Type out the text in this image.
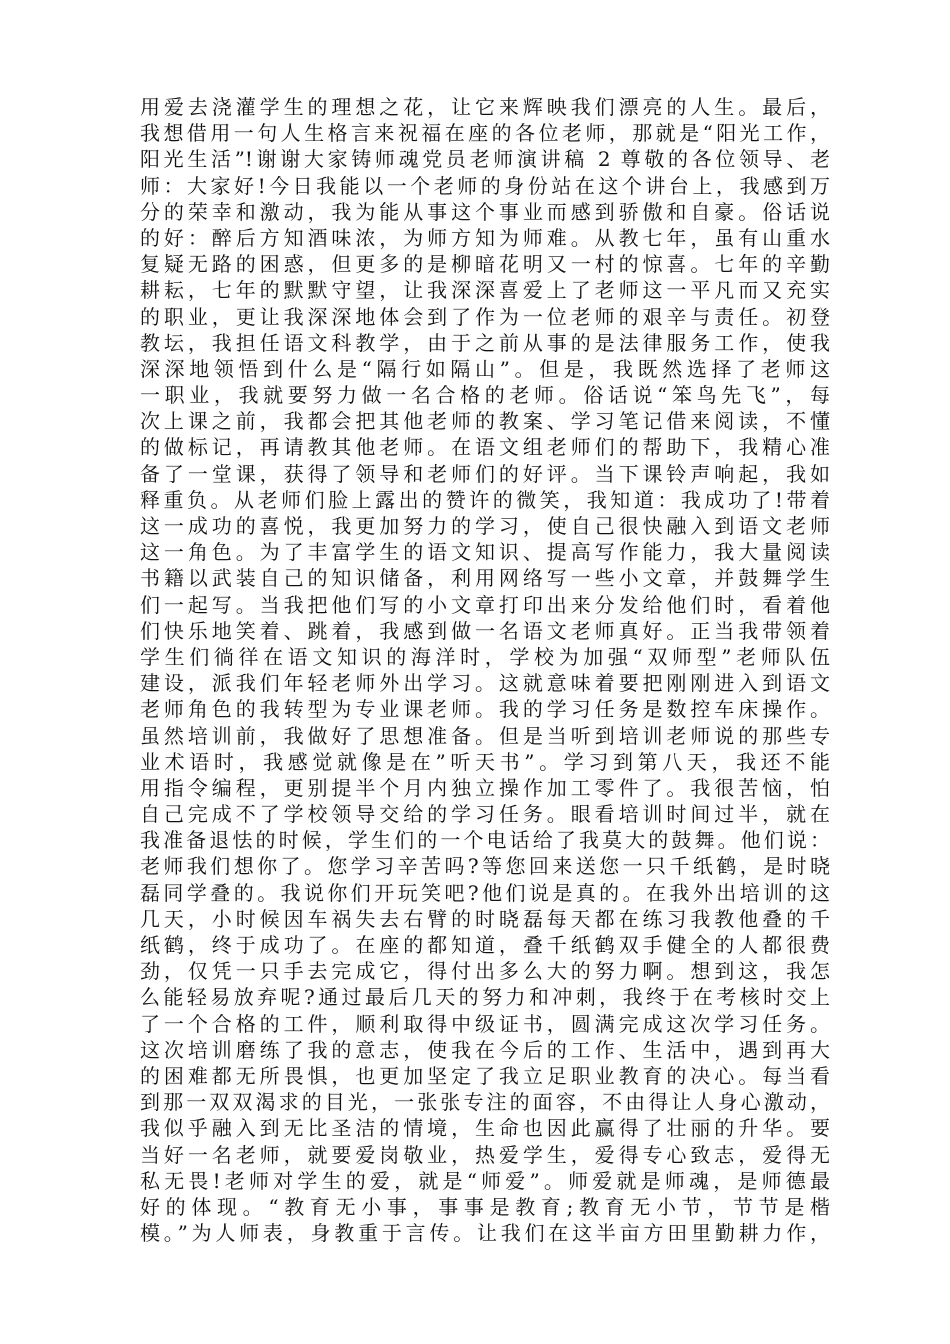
用爱去浇灌学生的理想之花，让它来辉映我们漂亮的人生。最后，
我想借用一句人生格言来祝福在座的各位老师，那就是“阳光工作，
阳光生活”!谢谢大家铸师魂党员老师演讲稿 2 尊敬的各位领导、老
师：大家好!今日我能以一个老师的身份站在这个讲台上，我感到万
分的荣幸和激动，我为能从事这个事业而感到骄傲和自豪。俗话说
的好：醉后方知酒味浓，为师方知为师难。从教七年，虽有山重水
复疑无路的困惑，但更多的是柳暗花明又一村的惊喜。七年的辛勤
耕耘，七年的默默守望，让我深深喜爱上了老师这一平凡而又充实
的职业，更让我深深地体会到了作为一位老师的艰辛与责任。初登
教坛，我担任语文科教学，由于之前从事的是法律服务工作，使我
深深地领悟到什么是“隔行如隔山”。但是，我既然选择了老师这
一职业，我就要努力做一名合格的老师。俗话说“笨鸟先飞”，每
次上课之前，我都会把其他老师的教案、学习笔记借来阅读，不懂
的做标记，再请教其他老师。在语文组老师们的帮助下，我精心准
备了一堂课，获得了领导和老师们的好评。当下课铃声响起，我如
释重负。从老师们脸上露出的赞许的微笑，我知道：我成功了!带着
这一成功的喜悦，我更加努力的学习，使自己很快融入到语文老师
这一角色。为了丰富学生的语文知识、提高写作能力，我大量阅读
书籍以武装自己的知识储备，利用网络写一些小文章，并鼓舞学生
们一起写。当我把他们写的小文章打印出来分发给他们时，看着他
们快乐地笑着、跳着，我感到做一名语文老师真好。正当我带领着
学生们徜徉在语文知识的海洋时，学校为加强“双师型”老师队伍
建设，派我们年轻老师外出学习。这就意味着要把刚刚进入到语文
老师角色的我转型为专业课老师。我的学习任务是数控车床操作。
虽然培训前，我做好了思想准备。但是当听到培训老师说的那些专
业术语时，我感觉就像是在”听天书”。学习到第八天，我还不能
用指令编程，更别提半个月内独立操作加工零件了。我很苦恼，怕
自己完成不了学校领导交给的学习任务。眼看培训时间过半，就在
我准备退怯的时候，学生们的一个电话给了我莫大的鼓舞。他们说：
老师我们想你了。您学习辛苦吗?等您回来送您一只千纸鹤，是时晓
磊同学叠的。我说你们开玩笑吧?他们说是真的。在我外出培训的这
几天，小时候因车祸失去右臂的时晓磊每天都在练习我教他叠的千
纸鹤，终于成功了。在座的都知道，叠千纸鹤双手健全的人都很费
劲，仅凭一只手去完成它，得付出多么大的努力啊。想到这，我怎
么能轻易放弃呢?通过最后几天的努力和冲刺，我终于在考核时交上
了一个合格的工件，顺利取得中级证书，圆满完成这次学习任务。
这次培训磨练了我的意志，使我在今后的工作、生活中，遇到再大
的困难都无所畏惧，也更加坚定了我立足职业教育的决心。每当看
到那一双双渴求的目光，一张张专注的面容，不由得让人身心激动，
我似乎融入到无比圣洁的情境，生命也因此赢得了壮丽的升华。要
当好一名老师，就要爱岗敬业，热爱学生，爱得专心致志，爱得无
私无畏!老师对学生的爱，就是“师爱”。师爱就是师魂，是师德最
好的体现。“教育无小事，事事是教育;教育无小节，节节是楷
模。”为人师表，身教重于言传。让我们在这半亩方田里勤耕力作，
